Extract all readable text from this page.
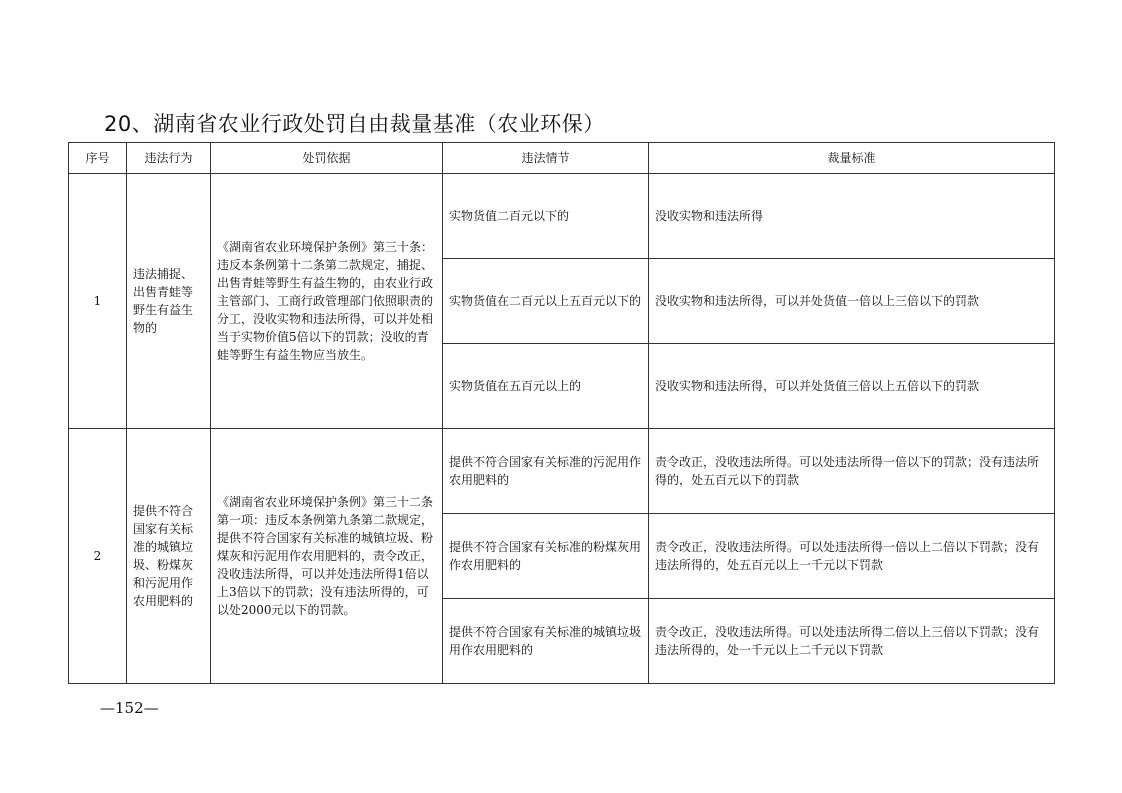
20、湖南省农业行政处罚自由裁量基准（农业环保）
序号	违法行为	处罚依据	违法情节	裁量标准
1	违法捕捉、出售青蛙等野生有益生物的	《湖南省农业环境保护条例》第三十条：违反本条例第十二条第二款规定，捕捉、出售青蛙等野生有益生物的，由农业行政主管部门、工商行政管理部门依照职责的分工，没收实物和违法所得，可以并处相当于实物价值5倍以下的罚款；没收的青蛙等野生有益生物应当放生。	实物货值二百元以下的	没收实物和违法所得
			实物货值在二百元以上五百元以下的	没收实物和违法所得，可以并处货值一倍以上三倍以下的罚款
			实物货值在五百元以上的	没收实物和违法所得，可以并处货值三倍以上五倍以下的罚款
2	提供不符合国家有关标准的城镇垃圾、粉煤灰和污泥用作农用肥料的	《湖南省农业环境保护条例》第三十二条第一项：违反本条例第九条第二款规定，提供不符合国家有关标准的城镇垃圾、粉煤灰和污泥用作农用肥料的，责令改正，没收违法所得，可以并处违法所得1倍以上3倍以下的罚款；没有违法所得的，可以处2000元以下的罚款。	提供不符合国家有关标准的污泥用作农用肥料的	责令改正，没收违法所得。可以处违法所得一倍以下的罚款；没有违法所得的，处五百元以下的罚款
			提供不符合国家有关标准的粉煤灰用作农用肥料的	责令改正，没收违法所得。可以处违法所得一倍以上二倍以下罚款；没有违法所得的，处五百元以上一千元以下罚款
			提供不符合国家有关标准的城镇垃圾用作农用肥料的	责令改正，没收违法所得。可以处违法所得二倍以上三倍以下罚款；没有违法所得的，处一千元以上二千元以下罚款
—152—
